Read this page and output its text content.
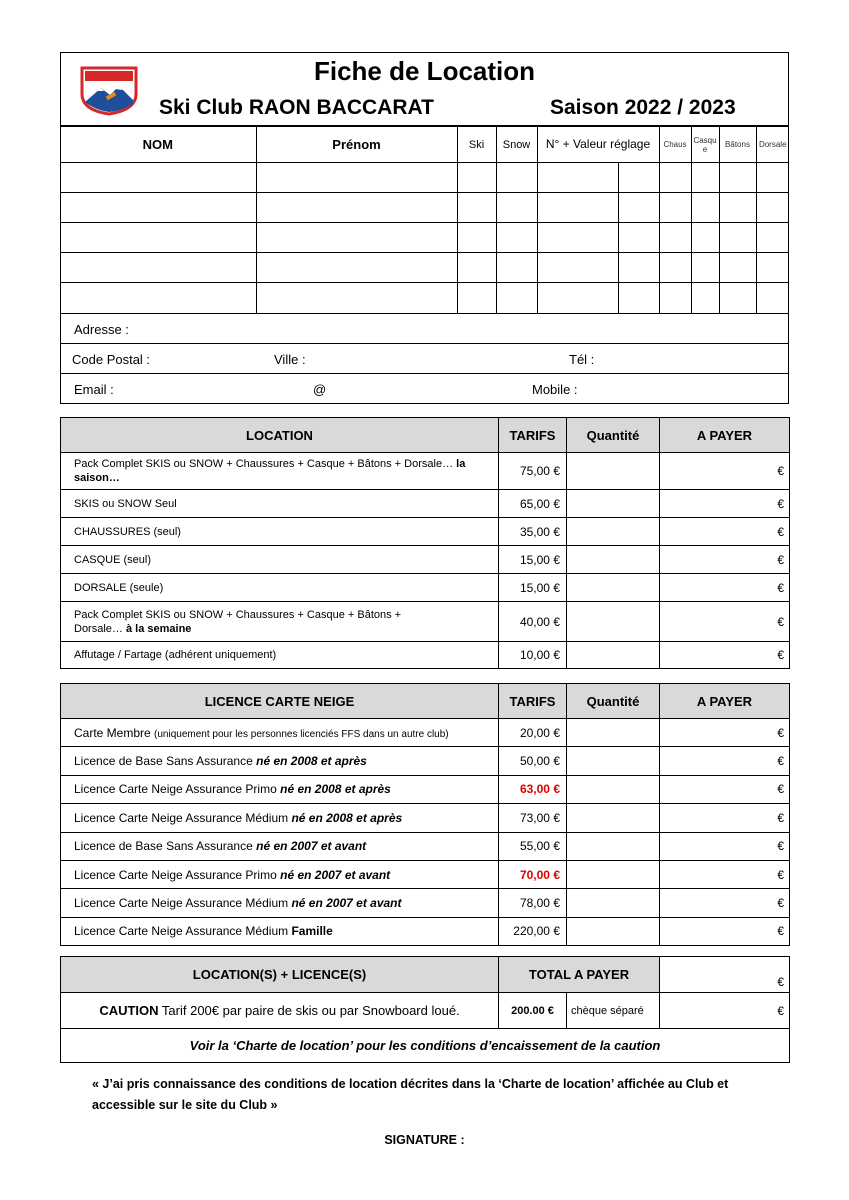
Fiche de Location
Ski Club RAON BACCARAT	Saison 2022 / 2023
NOM	Prénom	Ski	Snow	N° + Valeur réglage		Chaus	Casque	Bâtons	Dorsale

Adresse :
Code Postal :	Ville :	Tél :
Email :	@	Mobile :
LOCATION	TARIFS	Quantité	A PAYER
Pack Complet SKIS ou SNOW + Chaussures + Casque + Bâtons + Dorsale… la saison…	75,00 €		€
SKIS ou SNOW Seul	65,00 €		€
CHAUSSURES (seul)	35,00 €		€
CASQUE (seul)	15,00 €		€
DORSALE (seule)	15,00 €		€
Pack Complet SKIS ou SNOW + Chaussures + Casque + Bâtons + Dorsale… à la semaine	40,00 €		€
Affutage / Fartage (adhérent uniquement)	10,00 €		€
LICENCE CARTE NEIGE	TARIFS	Quantité	A PAYER
Carte Membre (uniquement pour les personnes licenciés FFS dans un autre club)	20,00 €		€
Licence de Base Sans Assurance né en 2008 et après	50,00 €		€
Licence Carte Neige Assurance Primo né en 2008 et après	63,00 €		€
Licence Carte Neige Assurance Médium né en 2008 et après	73,00 €		€
Licence de Base Sans Assurance né en 2007 et avant	55,00 €		€
Licence Carte Neige Assurance Primo né en 2007 et avant	70,00 €		€
Licence Carte Neige Assurance Médium né en 2007 et avant	78,00 €		€
Licence Carte Neige Assurance Médium Famille	220,00 €		€
LOCATION(S) + LICENCE(S)	TOTAL A PAYER		€
CAUTION Tarif 200€ par paire de skis ou par Snowboard loué.	200.00 €	chèque séparé	€
Voir la ‘Charte de location’ pour les conditions d’encaissement de la caution			
« J’ai pris connaissance des conditions de location décrites dans la ‘Charte de location’ affichée au Club et accessible sur le site du Club »
SIGNATURE :
